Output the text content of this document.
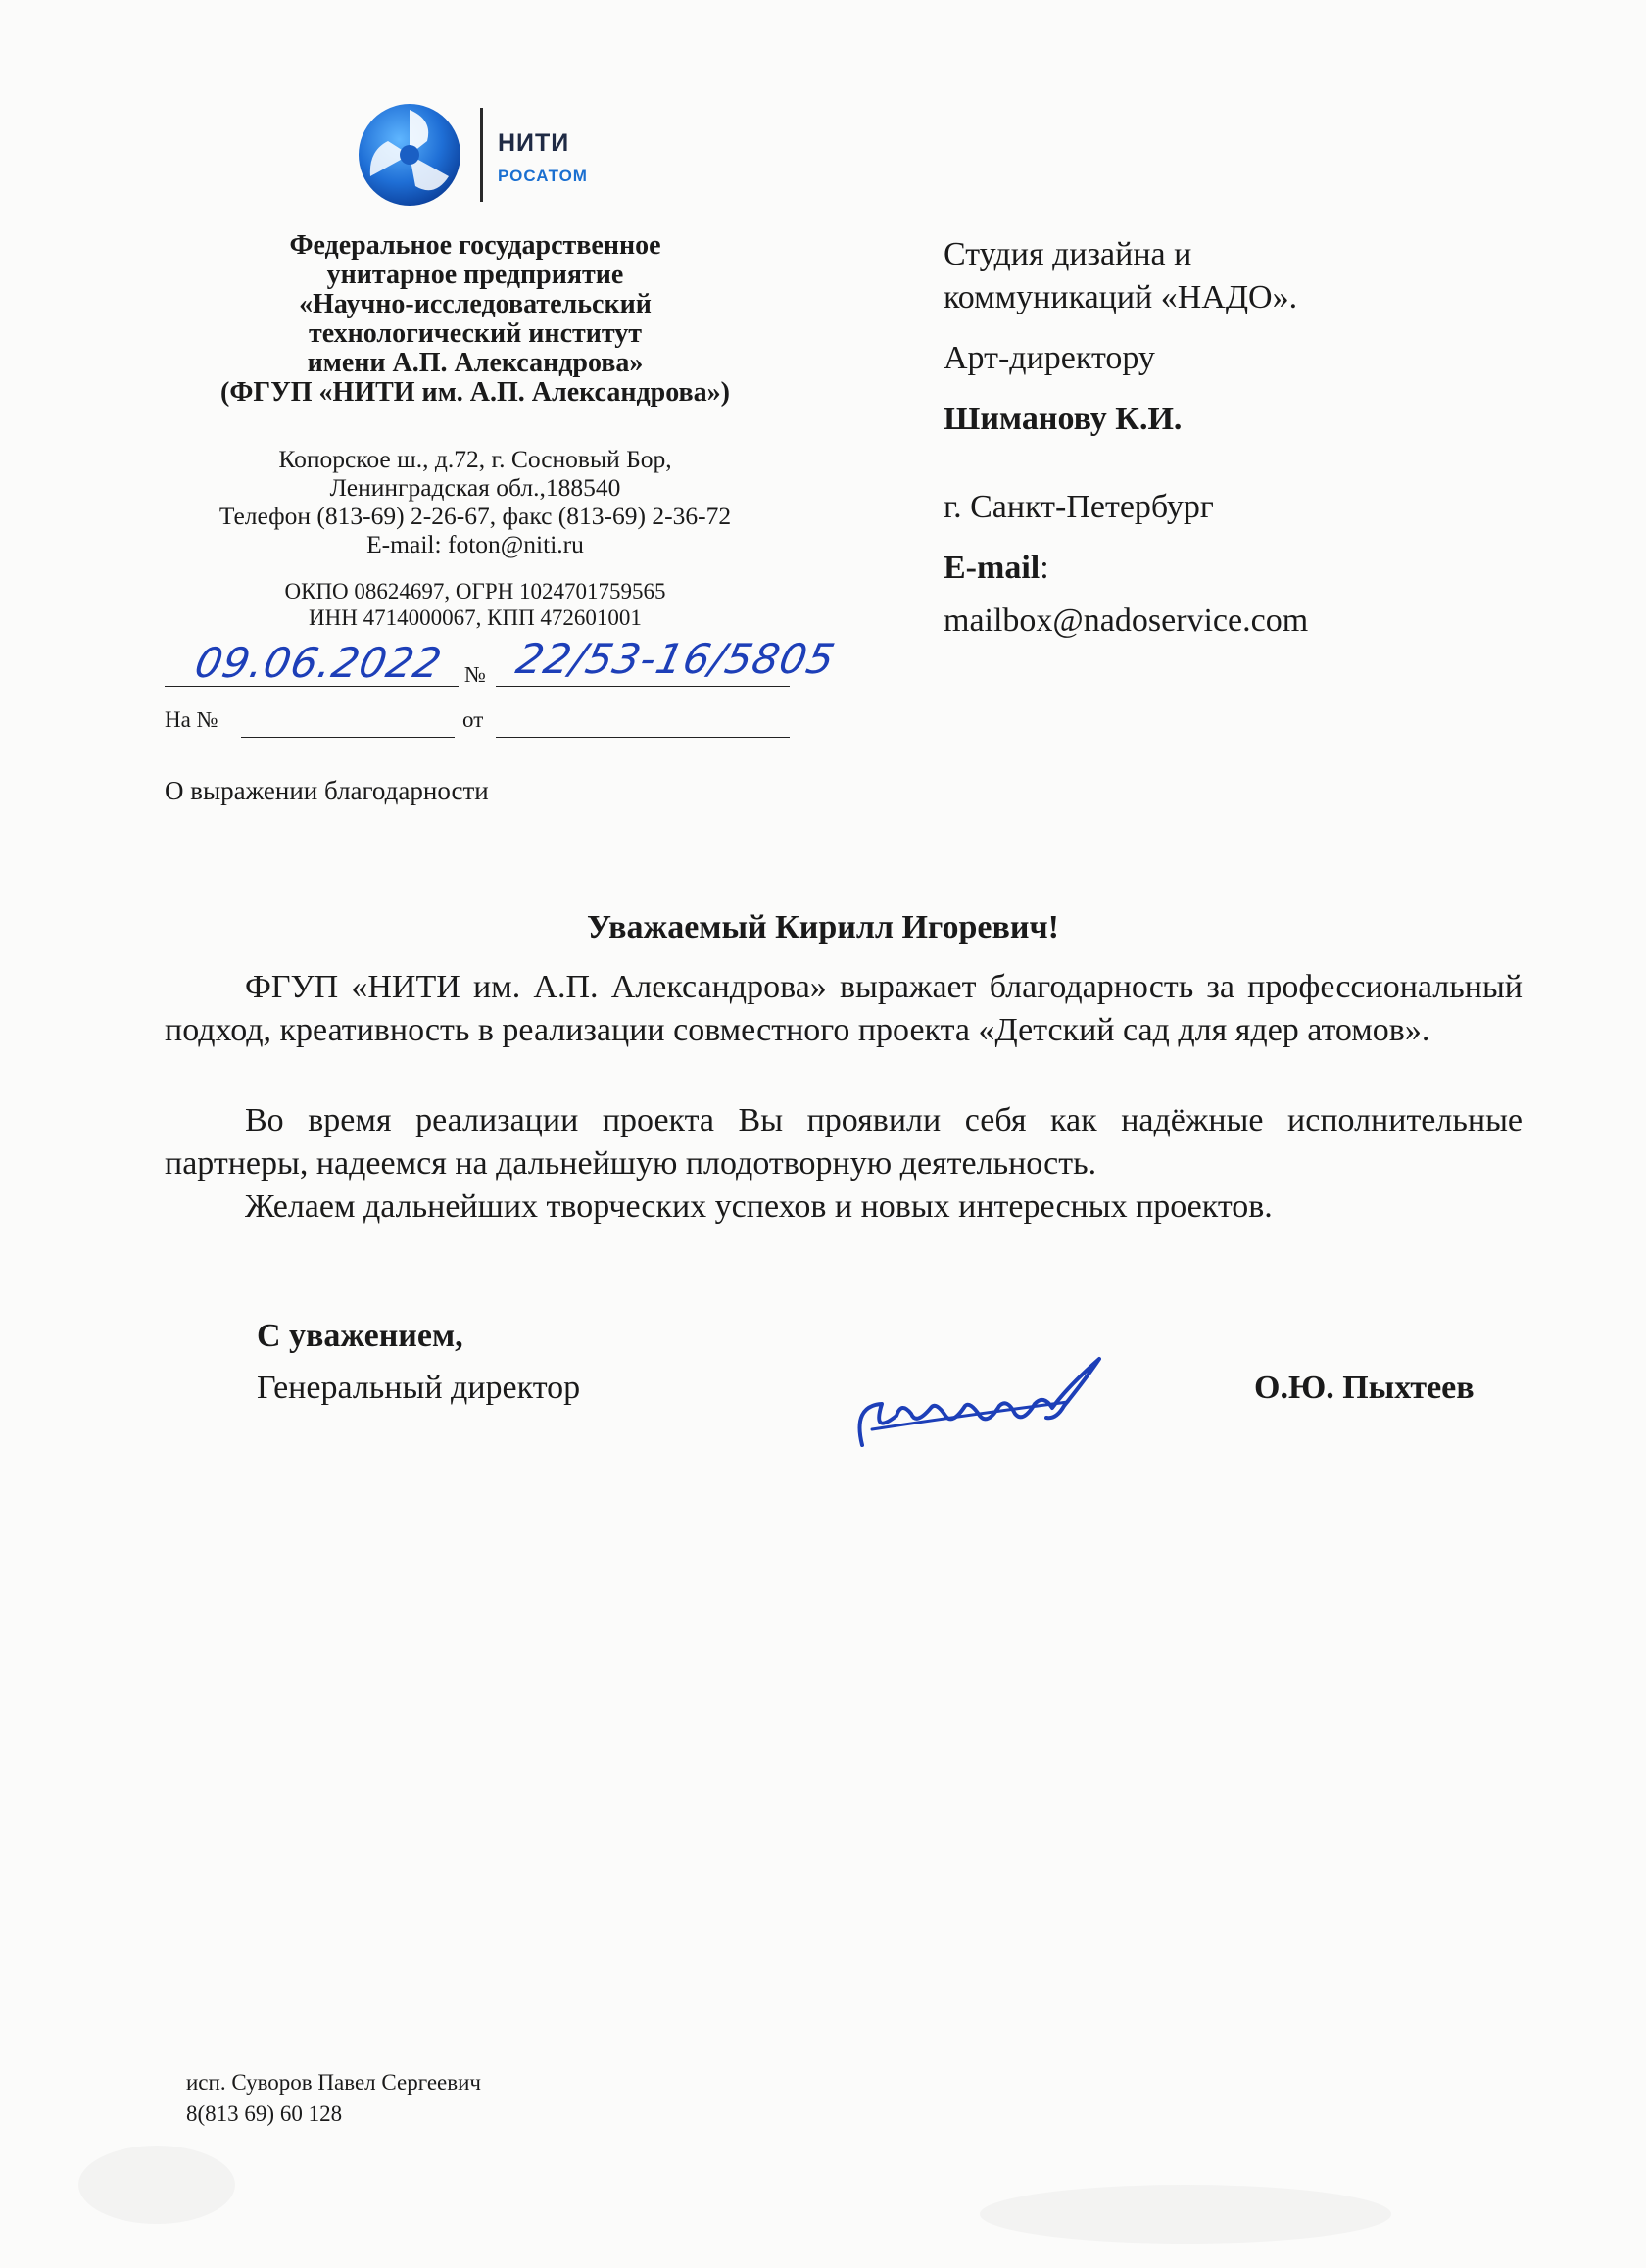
НИТИ
РОСАТОМ
Федеральное государственное
унитарное предприятие
«Научно-исследовательский
технологический институт
имени А.П. Александрова»
(ФГУП «НИТИ им. А.П. Александрова»)
Копорское ш., д.72, г. Сосновый Бор,
Ленинградская обл.,188540
Телефон (813-69) 2-26-67, факс (813-69) 2-36-72
E-mail: foton@niti.ru
ОКПО 08624697, ОГРН 1024701759565
ИНН 4714000067, КПП 472601001
09.06.2022 № 22/53-16/5805
На №	от
О выражении благодарности
Студия дизайна и
коммуникаций «НАДО».
Арт-директору
Шиманову К.И.
г. Санкт-Петербург
E-mail:
mailbox@nadoservice.com
Уважаемый Кирилл Игоревич!
ФГУП «НИТИ им. А.П. Александрова» выражает благодарность за профессиональный подход, креативность в реализации совместного проекта «Детский сад для ядер атомов».
Во время реализации проекта Вы проявили себя как надёжные исполнительные партнеры, надеемся на дальнейшую плодотворную деятельность.
Желаем дальнейших творческих успехов и новых интересных проектов.
С уважением,
Генеральный директор	О.Ю. Пыхтеев
исп. Суворов Павел Сергеевич
8(813 69) 60 128
